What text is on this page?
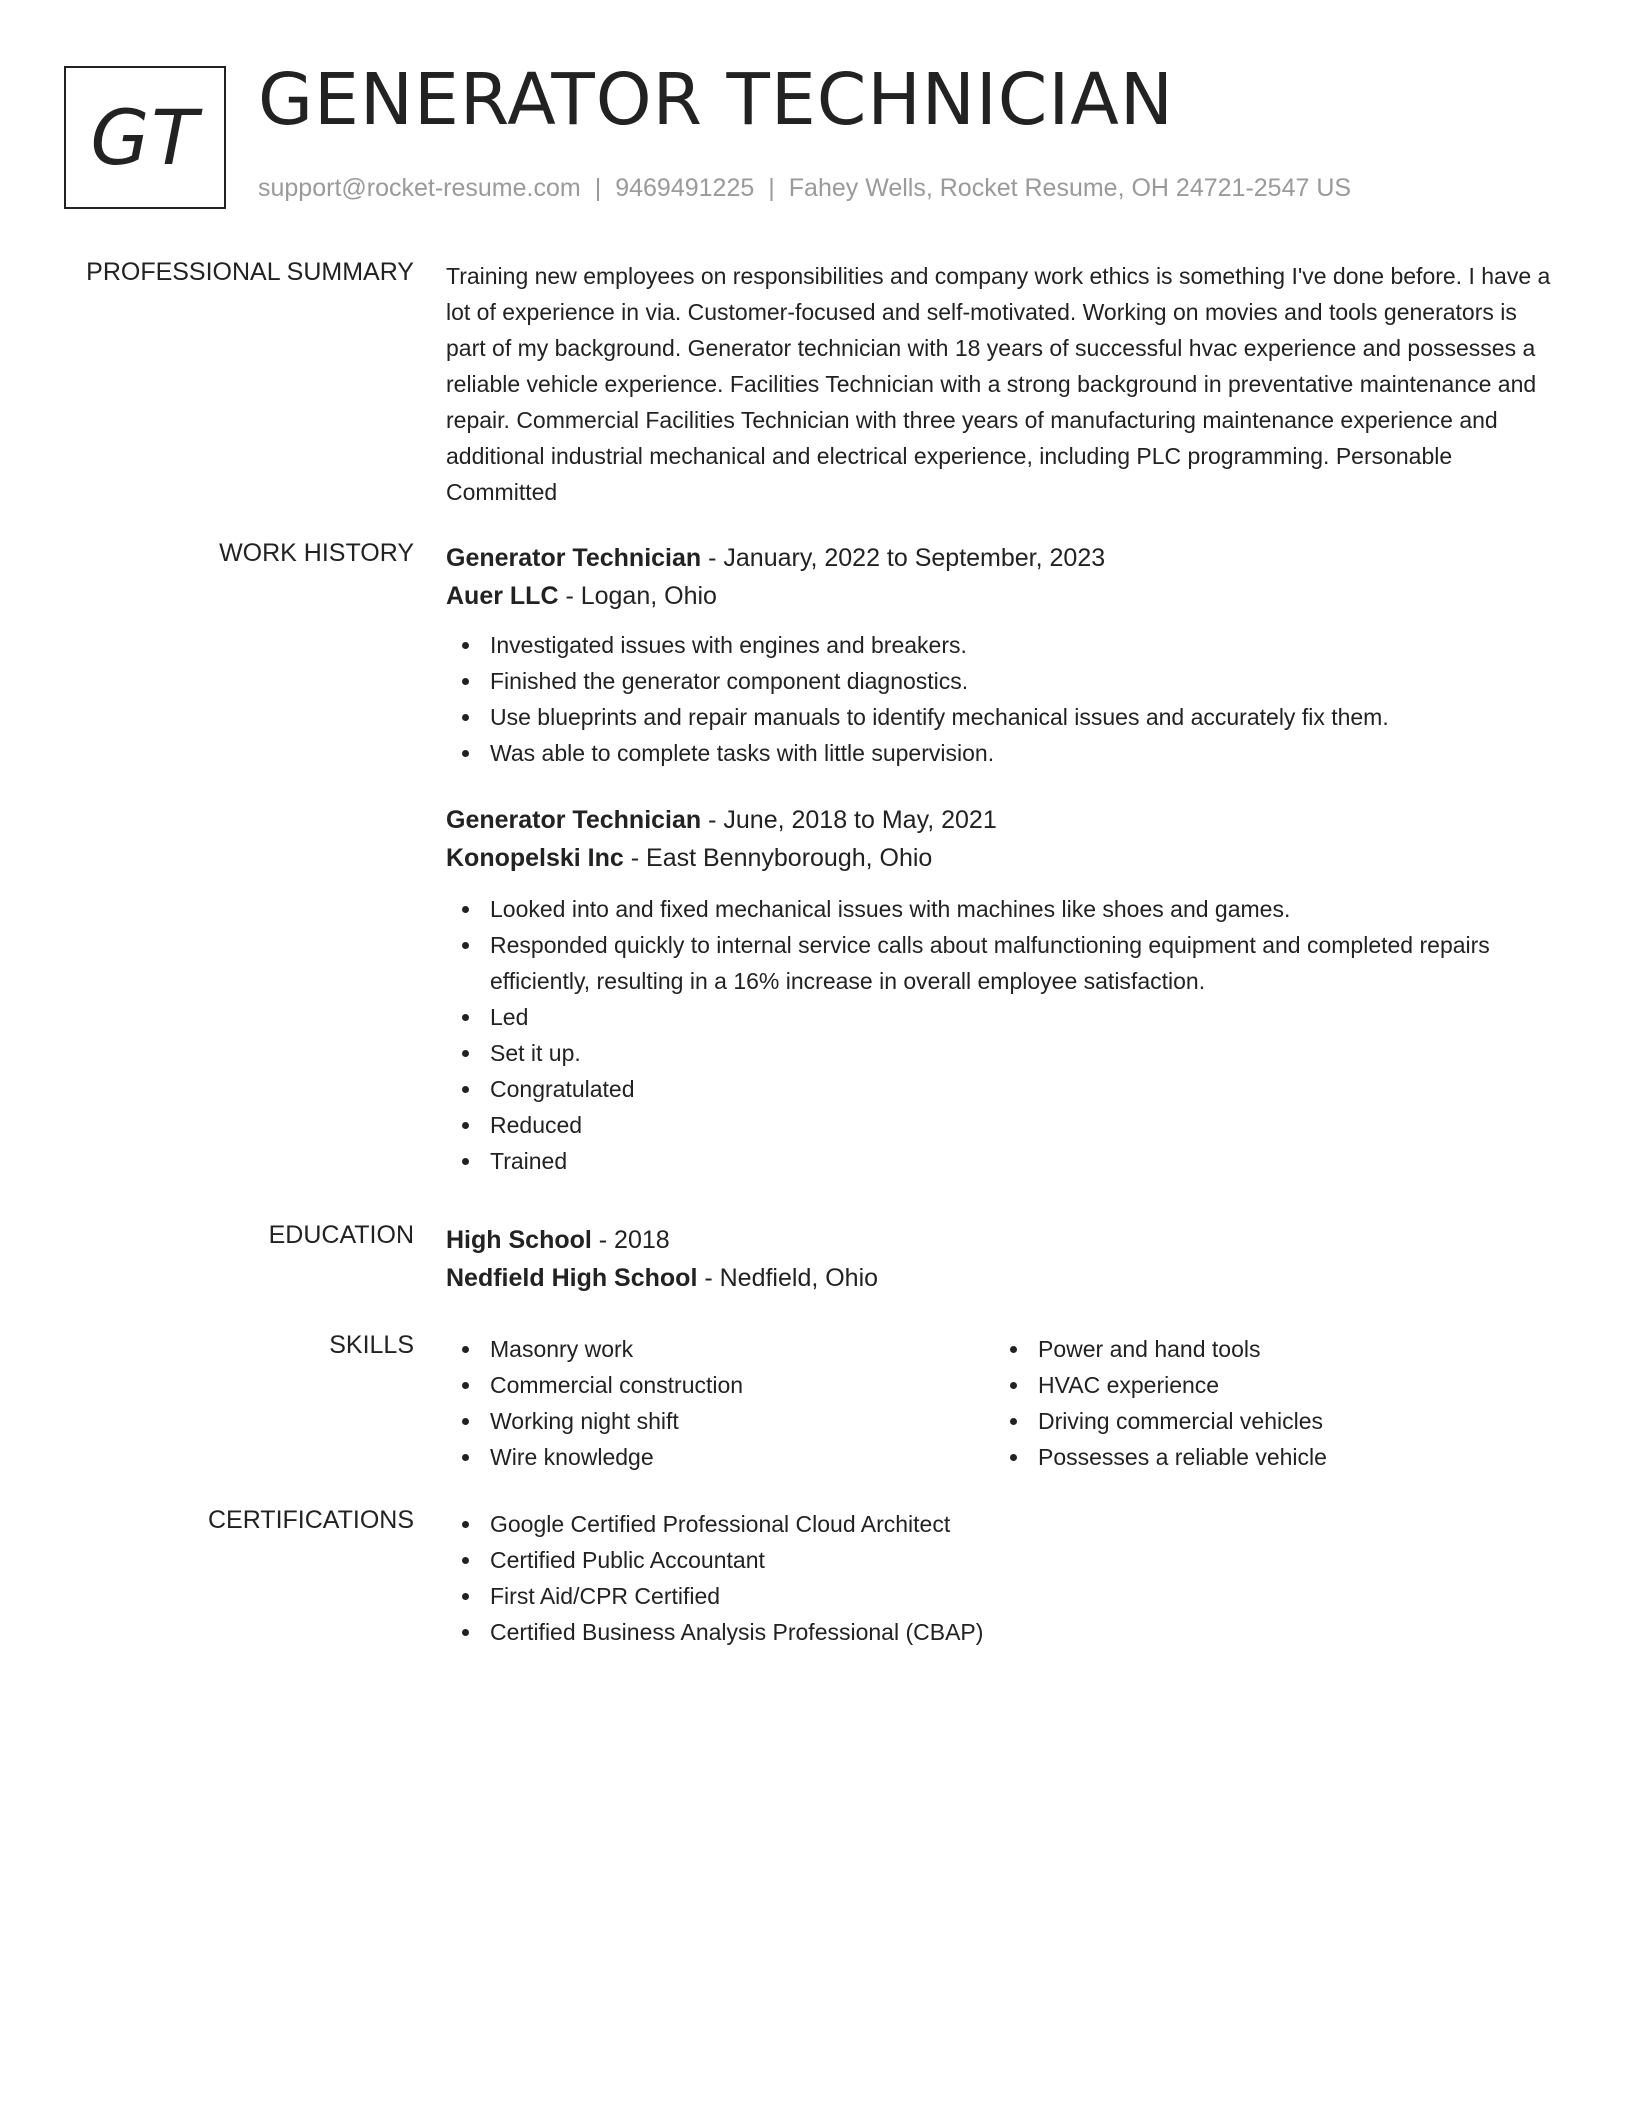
GT GENERATOR TECHNICIAN
support@rocket-resume.com | 9469491225 | Fahey Wells, Rocket Resume, OH 24721-2547 US
PROFESSIONAL SUMMARY Training new employees on responsibilities and company work ethics is something I've done before. I have a lot of experience in via. Customer-focused and self-motivated. Working on movies and tools generators is part of my background. Generator technician with 18 years of successful hvac experience and possesses a reliable vehicle experience. Facilities Technician with a strong background in preventative maintenance and repair. Commercial Facilities Technician with three years of manufacturing maintenance experience and additional industrial mechanical and electrical experience, including PLC programming. Personable Committed
WORK HISTORY Generator Technician - January, 2022 to September, 2023
Auer LLC - Logan, Ohio
Investigated issues with engines and breakers.
Finished the generator component diagnostics.
Use blueprints and repair manuals to identify mechanical issues and accurately fix them.
Was able to complete tasks with little supervision.
Generator Technician - June, 2018 to May, 2021
Konopelski Inc - East Bennyborough, Ohio
Looked into and fixed mechanical issues with machines like shoes and games.
Responded quickly to internal service calls about malfunctioning equipment and completed repairs efficiently, resulting in a 16% increase in overall employee satisfaction.
Led
Set it up.
Congratulated
Reduced
Trained
EDUCATION High School - 2018
Nedfield High School - Nedfield, Ohio
SKILLS	Masonry work
Commercial construction
Working night shift
Wire knowledge
Power and hand tools
HVAC experience
Driving commercial vehicles
Possesses a reliable vehicle
CERTIFICATIONS	Google Certified Professional Cloud Architect
Certified Public Accountant
First Aid/CPR Certified
Certified Business Analysis Professional (CBAP)
